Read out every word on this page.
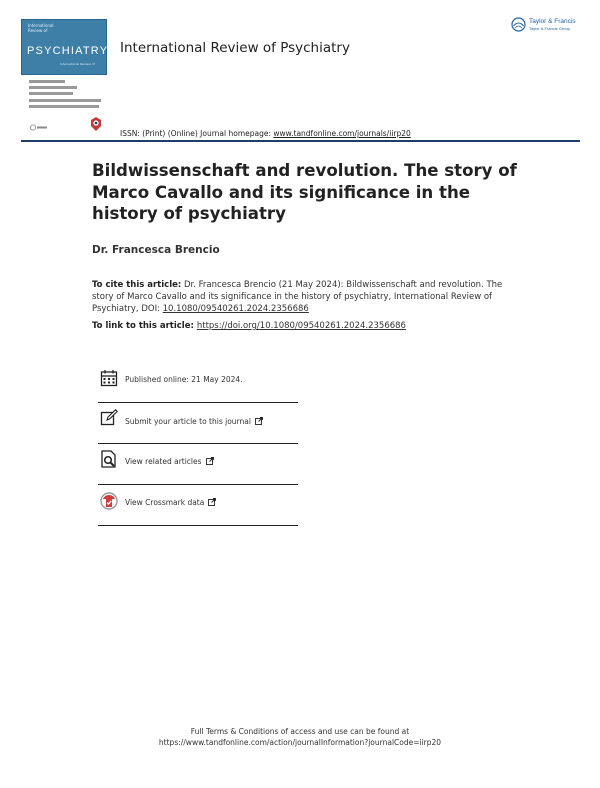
International
Review of
PSYCHIATRY
International Review of
International Review of Psychiatry
Taylor & Francis
Taylor & Francis Group
ISSN: (Print) (Online) Journal homepage: www.tandfonline.com/journals/iirp20
Bildwissenschaft and revolution. The story of Marco Cavallo and its significance in the history of psychiatry
Dr. Francesca Brencio
To cite this article: Dr. Francesca Brencio (21 May 2024): Bildwissenschaft and revolution. The story of Marco Cavallo and its significance in the history of psychiatry, International Review of Psychiatry, DOI: 10.1080/09540261.2024.2356686
To link to this article: https://doi.org/10.1080/09540261.2024.2356686
Published online: 21 May 2024.
Submit your article to this journal
View related articles
View Crossmark data
Full Terms & Conditions of access and use can be found at
https://www.tandfonline.com/action/journalInformation?journalCode=iirp20
